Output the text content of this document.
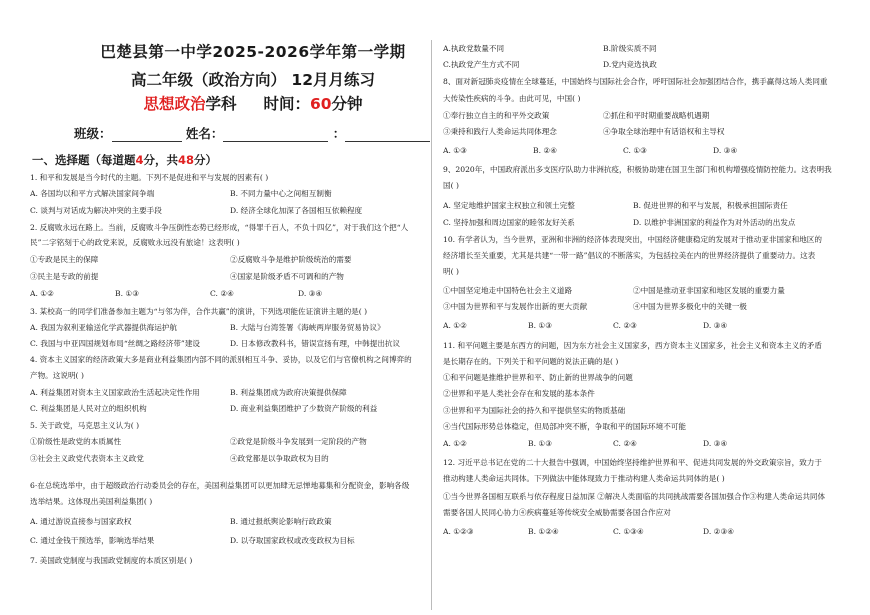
巴楚县第一中学2025-2026学年第一学期
高二年级（政治方向） 12月月练习
思想政治学科 时间：60分钟
班级：	姓名：	：
一、选择题（每道题4分，共48分）
1. 和平和发展是当今时代的主题。下列不是促进和平与发展的因素有( )
A. 各国均以和平方式解决国家间争端	B. 不同力量中心之间相互制衡
C. 谈判与对话成为解决冲突的主要手段	D. 经济全球化加深了各国相互依赖程度
2. 反腐败永远在路上。当前，反腐败斗争压倒性态势已经形成，“得罪千百人，不负十四亿”，对于我们这个把“人
民”二字铭刻于心的政党来说，反腐败永远没有旅途！这表明( )
①专政是民主的保障	②反腐败斗争是维护阶级统治的需要
③民主是专政的前提	④国家是阶级矛盾不可调和的产物
A. ①②	B. ①③	C. ②④	D. ③④
3. 某校高一的同学们准备参加主题为“与邻为伴，合作共赢”的演讲，下列选项能佐证演讲主题的是( )
A. 我国为叙利亚输送化学武器提供海运护航	B. 大陆与台湾签署《海峡两岸服务贸易协议》
C. 我国与中亚四国规划布局“丝绸之路经济带”建设	D. 日本修改教科书，错误宣扬有理，中韩提出抗议
4. 资本主义国家的经济政策大多是商业利益集团内部不同的派别相互斗争、妥协，以及它们与官僚机构之间博弈的
产物。这说明( )
A. 利益集团对资本主义国家政治生活起决定性作用	B. 利益集团成为政府决策提供保障
C. 利益集团是人民对立的组织机构	D. 商业利益集团维护了少数资产阶级的利益
5. 关于政党，马克思主义认为( )
①阶级性是政党的本质属性	②政党是阶级斗争发展到一定阶段的产物
③社会主义政党代表资本主义政党	④政党都是以争取政权为目的
6·在总统选举中，由于超级政治行动委员会的存在，美国利益集团可以更加肆无忌惮地募集和分配资金，影响各级
选举结果。这体现出美国利益集团( )
A. 通过游说直接参与国家政权	B. 通过报纸舆论影响行政政策
C. 通过金钱干预选举，影响选举结果	D. 以夺取国家政权或改变政权为目标
7. 美国政党制度与我国政党制度的本质区别是( )
A.执政党数量不同	B.阶级实质不同
C.执政党产生方式不同	D.党内竞选执政
8、面对新冠肺炎疫情在全球蔓延，中国始终与国际社会合作，呼吁国际社会加强团结合作，携手赢得这场人类同重
大传染性疾病的斗争。由此可见，中国( )
①奉行独立自主的和平外交政策	②抓住和平时期重要战略机遇期
③秉持和践行人类命运共同体理念	④争取全球治理中有话语权和主导权
A. ①③	B. ②④	C. ①③	D. ③④
9、2020年，中国政府派出多支医疗队助力非洲抗疫，积极协助建在国卫生部门和机构增强疫情防控能力。这表明我
国( )
A. 坚定地维护国家主权独立和领土完整	B. 促进世界的和平与发展，积极承担国际责任
C. 坚持加强和周边国家的睦邻友好关系	D. 以维护非洲国家的利益作为对外活动的出发点
10. 有学者认为，当今世界，亚洲和非洲的经济体表现突出，中国经济健康稳定的发展对于推动亚非国家和地区的
经济增长至关重要，尤其是共建“一带一路”倡议的不断落实，为包括拉美在内的世界经济提供了重要动力。这表
明( )
①中国坚定地走中国特色社会主义道路	②中国是推动亚非国家和地区发展的重要力量
③中国为世界和平与发展作出新的更大贡献	④中国为世界多极化中的关键一极
A. ①②	B. ①③	C. ②③	D. ③④
11. 和平问题主要是东西方的问题，因为东方社会主义国家多，西方资本主义国家多，社会主义和资本主义的矛盾
是长期存在的。下列关于和平问题的说法正确的是( )
①和平问题是推维护世界和平、防止新的世界战争的问题
②世界和平是人类社会存在和发展的基本条件
③世界和平为国际社会的持久和平提供坚实的物质基础
④当代国际形势总体稳定，但局部冲突不断，争取和平的国际环境不可能
A. ①②	B. ①③	C. ②④	D. ③④
12. 习近平总书记在党的二十大报告中强调，中国始终坚持维护世界和平、促进共同发展的外交政策宗旨，致力于
推动构建人类命运共同体。下列做法中能体现致力于推动构建人类命运共同体的是( )
①当今世界各国相互联系与依存程度日益加深 ②解决人类面临的共同挑战需要各国加强合作③构建人类命运共同体
需要各国人民同心协力④疾病蔓延等传统安全威胁需要各国合作应对
A. ①②③	B. ①②④	C. ①③④	D. ②③④
